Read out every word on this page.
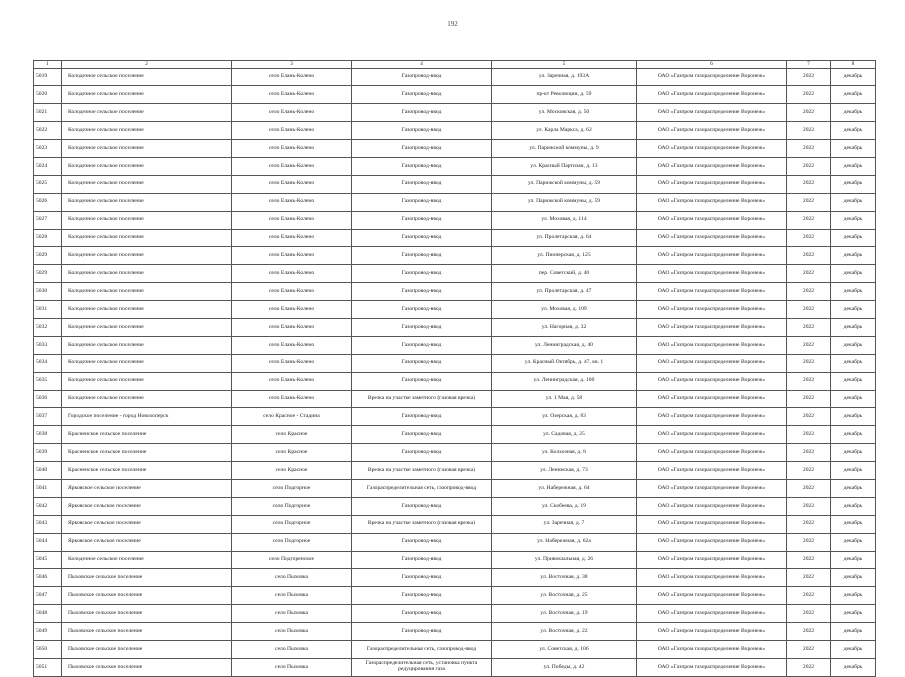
192
1	2	3	4	5	6	7	8
5019	Колодезное сельское поселение	село Елань-Коленo	Газопровод-ввод	ул. Заречная, д. 193А	ОАО «Газпром газораспределение Воронеж»	2022	декабрь
5020	Колодезное сельское поселение	село Елань-Колено	Газопровод-ввод	пр-кт Революции, д. 59	ОАО «Газпром газораспределение Воронеж»	2022	декабрь
5021	Колодезное сельское поселение	село Елань-Колено	Газопровод-ввод	ул. Московская, д. 50	ОАО «Газпром газораспределение Воронеж»	2022	декабрь
5022	Колодезное сельское поселение	село Елань-Колено	Газопровод-ввод	ул. Карла Маркса, д. 62	ОАО «Газпром газораспределение Воронеж»	2022	декабрь
5023	Колодезное сельское поселение	село Елань-Колено	Газопровод-ввод	ул. Парижской коммуны, д. 9	ОАО «Газпром газораспределение Воронеж»	2022	декабрь
5024	Колодезное сельское поселение	село Елань-Колено	Газопровод-ввод	ул. Красный Партизан, д. 13	ОАО «Газпром газораспределение Воронеж»	2022	декабрь
5025	Колодезное сельское поселение	село Елань-Колено	Газопровод-ввод	ул. Парижской коммуны, д. 59	ОАО «Газпром газораспределение Воронеж»	2022	декабрь
5026	Колодезное сельское поселение	село Елань-Колено	Газопровод-ввод	ул. Парижской коммуны, д. 59	ОАО «Газпром газораспределение Воронеж»	2022	декабрь
5027	Колодезное сельское поселение	село Елань-Колено	Газопровод-ввод	ул. Моховая, д. 114	ОАО «Газпром газораспределение Воронеж»	2022	декабрь
5028	Колодезное сельское поселение	село Елань-Колено	Газопровод-ввод	ул. Пролетарская, д. 64	ОАО «Газпром газораспределение Воронеж»	2022	декабрь
5029	Колодезное сельское поселение	село Елань-Колено	Газопровод-ввод	ул. Пионерская, д. 125	ОАО «Газпром газораспределение Воронеж»	2022	декабрь
5029	Колодезное сельское поселение	село Елань-Колено	Газопровод-ввод	пер. Советский, д. 40	ОАО «Газпром газораспределение Воронеж»	2022	декабрь
5030	Колодезное сельское поселение	село Елань-Колено	Газопровод-ввод	ул. Пролетарская, д. 47	ОАО «Газпром газораспределение Воронеж»	2022	декабрь
5031	Колодезное сельское поселение	село Елань-Колено	Газопровод-ввод	ул. Моховая, д. 109	ОАО «Газпром газораспределение Воронеж»	2022	декабрь
5032	Колодезное сельское поселение	село Елань-Колено	Газопровод-ввод	ул. Нагорная, д. 32	ОАО «Газпром газораспределение Воронеж»	2022	декабрь
5033	Колодезное сельское поселение	село Елань-Колено	Газопровод-ввод	ул. Ленинградская, д. 40	ОАО «Газпром газораспределение Воронеж»	2022	декабрь
5034	Колодезное сельское поселение	село Елань-Колено	Газопровод-ввод	ул. Красный Октябрь, д. 47, кв. 1	ОАО «Газпром газораспределение Воронеж»	2022	декабрь
5035	Колодезное сельское поселение	село Елань-Колено	Газопровод-ввод	ул. Ленинградская, д. 100	ОАО «Газпром газораспределение Воронеж»	2022	декабрь
5036	Колодезное сельское поселение	село Елань-Колено	Врезка на участке заметного (газовая врезка)	ул. 1 Мая, д. 58	ОАО «Газпром газораспределение Воронеж»	2022	декабрь
5037	Городское поселение - город Новохоперск	село Красное - Стадина	Газопровод-ввод	ул. Озерская, д. 83	ОАО «Газпром газораспределение Воронеж»	2022	декабрь
5038	Красненское сельское поселение	село Красное	Газопровод-ввод	ул. Садовая, д. 25	ОАО «Газпром газораспределение Воронеж»	2022	декабрь
5039	Красненское сельское поселение	село Красное	Газопровод-ввод	ул. Колхозная, д. 8	ОАО «Газпром газораспределение Воронеж»	2022	декабрь
5040	Красненское сельское поселение	село Красное	Врезка на участке заметного (газовая врезка)	ул. Ленинская, д. 73	ОАО «Газпром газораспределение Воронеж»	2022	декабрь
5041	Ярковское сельское поселение	село Подгорное	Газораспределительная сеть, газопровод-ввод	ул. Набережная, д. 64	ОАО «Газпром газораспределение Воронеж»	2022	декабрь
5042	Ярковское сельское поселение	село Подгорное	Газопровод-ввод	ул. Скобеева, д. 19	ОАО «Газпром газораспределение Воронеж»	2022	декабрь
5043	Ярковское сельское поселение	село Подгорное	Врезка на участке заметного (газовая врезка)	ул. Заречная, д. 7	ОАО «Газпром газораспределение Воронеж»	2022	декабрь
5044	Ярковское сельское поселение	село Подгорное	Газопровод-ввод	ул. Набережная, д. 62а	ОАО «Газпром газораспределение Воронеж»	2022	декабрь
5045	Колодезное сельское поселение	село Подгоренское	Газопровод-ввод	ул. Привокзальная, д. 26	ОАО «Газпром газораспределение Воронеж»	2022	декабрь
5046	Пыховское сельское поселение	село Пыховка	Газопровод-ввод	ул. Восточная, д. 38	ОАО «Газпром газораспределение Воронеж»	2022	декабрь
5047	Пыховское сельское поселение	село Пыховка	Газопровод-ввод	ул. Восточная, д. 25	ОАО «Газпром газораспределение Воронеж»	2022	декабрь
5048	Пыховское сельское поселение	село Пыховка	Газопровод-ввод	ул. Восточная, д. 19	ОАО «Газпром газораспределение Воронеж»	2022	декабрь
5049	Пыховское сельское поселение	село Пыховка	Газопровод-ввод	ул. Восточная, д. 22	ОАО «Газпром газораспределение Воронеж»	2022	декабрь
5050	Пыховское сельское поселение	село Пыховка	Газораспределительная сеть, газопровод-ввод	ул. Советская, д. 106	ОАО «Газпром газораспределение Воронеж»	2022	декабрь
5051	Пыховское сельское поселение	село Пыховка	Газораспределительная сеть, установка пункта редуцирования газа	ул. Победы, д. 42	ОАО «Газпром газораспределение Воронеж»	2022	декабрь
